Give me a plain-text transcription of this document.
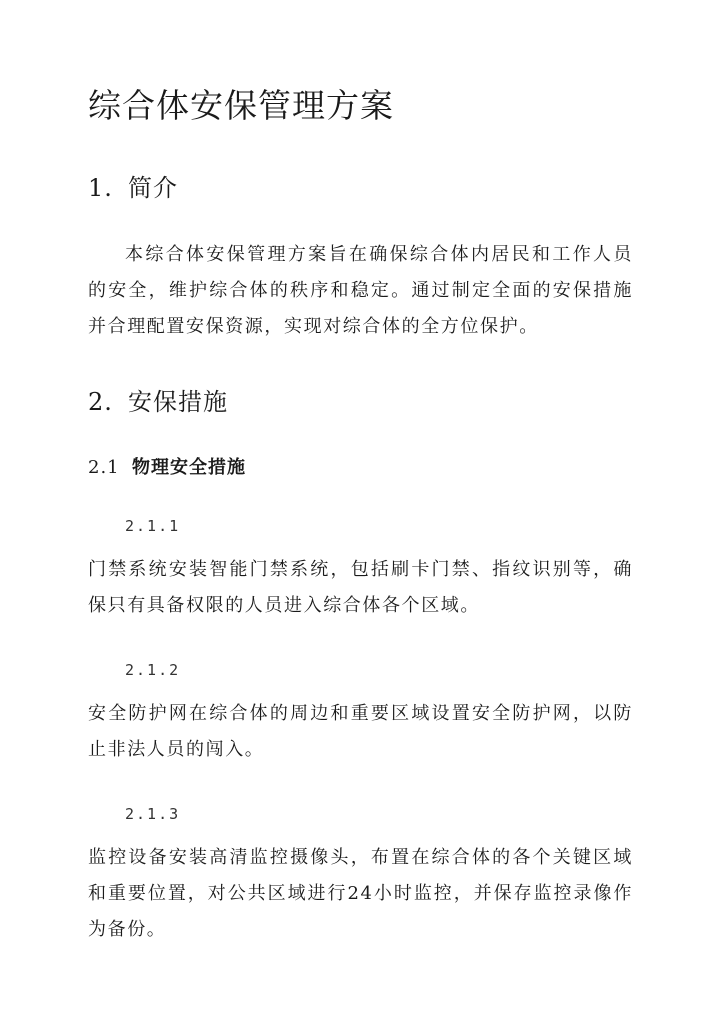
综合体安保管理方案
1. 简介

本综合体安保管理方案旨在确保综合体内居民和工作人员的安全，维护综合体的秩序和稳定。通过制定全面的安保措施并合理配置安保资源，实现对综合体的全方位保护。

2. 安保措施
2.1 物理安全措施
2.1.1

门禁系统安装智能门禁系统，包括刷卡门禁、指纹识别等，确保只有具备权限的人员进入综合体各个区域。

2.1.2

安全防护网在综合体的周边和重要区域设置安全防护网，以防止非法人员的闯入。

2.1.3

监控设备安装高清监控摄像头，布置在综合体的各个关键区域和重要位置，对公共区域进行24小时监控，并保存监控录像作为备份。
